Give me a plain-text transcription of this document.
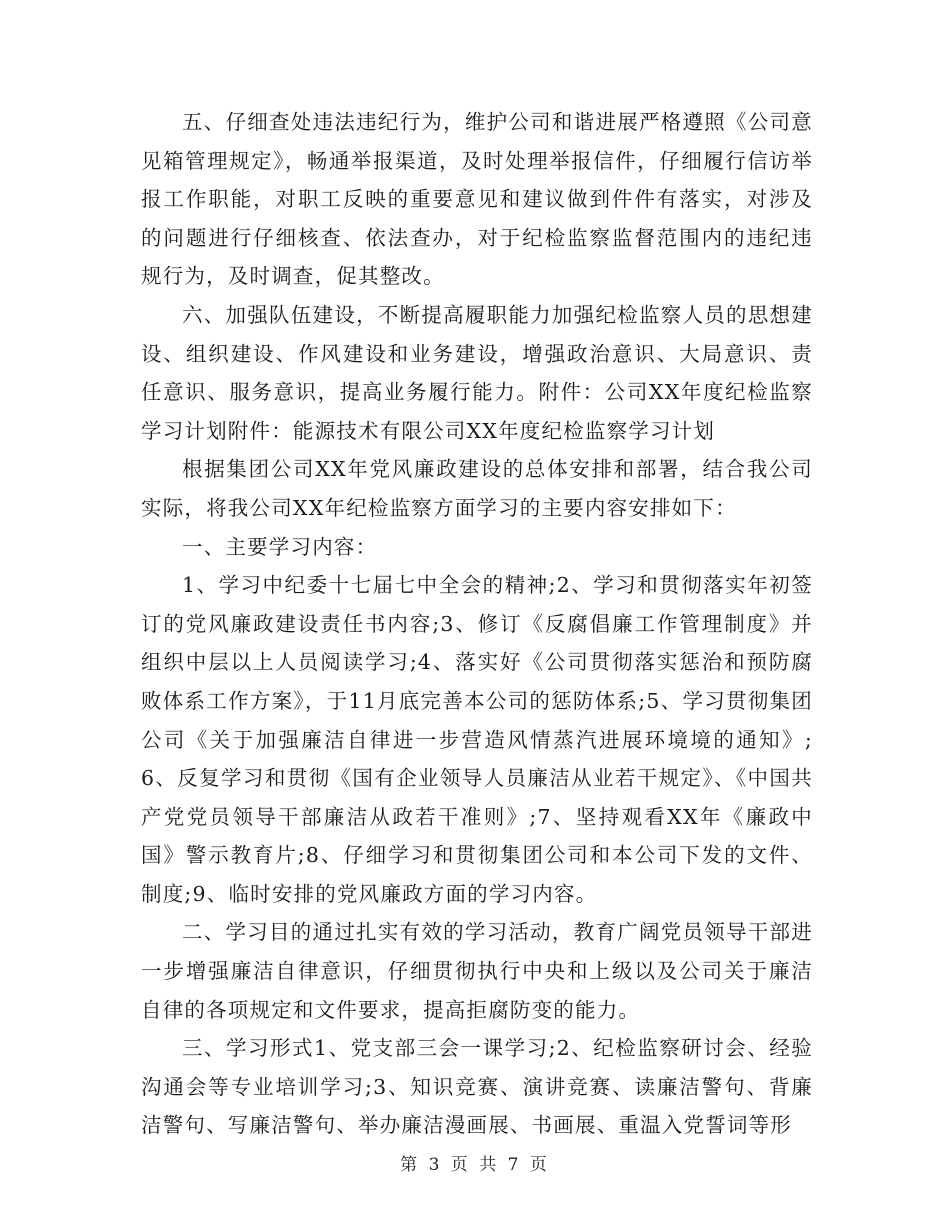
五、仔细查处违法违纪行为，维护公司和谐进展严格遵照《公司意见箱管理规定》，畅通举报渠道，及时处理举报信件，仔细履行信访举报工作职能，对职工反映的重要意见和建议做到件件有落实，对涉及的问题进行仔细核查、依法查办，对于纪检监察监督范围内的违纪违规行为，及时调查，促其整改。

六、加强队伍建设，不断提高履职能力加强纪检监察人员的思想建设、组织建设、作风建设和业务建设，增强政治意识、大局意识、责任意识、服务意识，提高业务履行能力。附件：公司XX年度纪检监察学习计划附件：能源技术有限公司XX年度纪检监察学习计划

根据集团公司XX年党风廉政建设的总体安排和部署，结合我公司实际，将我公司XX年纪检监察方面学习的主要内容安排如下：

一、主要学习内容：

1、学习中纪委十七届七中全会的精神;2、学习和贯彻落实年初签订的党风廉政建设责任书内容;3、修订《反腐倡廉工作管理制度》并组织中层以上人员阅读学习;4、落实好《公司贯彻落实惩治和预防腐败体系工作方案》，于11月底完善本公司的惩防体系;5、学习贯彻集团公司《关于加强廉洁自律进一步营造风情蒸汽进展环境境的通知》;6、反复学习和贯彻《国有企业领导人员廉洁从业若干规定》、《中国共产党党员领导干部廉洁从政若干准则》;7、坚持观看XX年《廉政中国》警示教育片;8、仔细学习和贯彻集团公司和本公司下发的文件、制度;9、临时安排的党风廉政方面的学习内容。

二、学习目的通过扎实有效的学习活动，教育广阔党员领导干部进一步增强廉洁自律意识，仔细贯彻执行中央和上级以及公司关于廉洁自律的各项规定和文件要求，提高拒腐防变的能力。

三、学习形式1、党支部三会一课学习;2、纪检监察研讨会、经验沟通会等专业培训学习;3、知识竞赛、演讲竞赛、读廉洁警句、背廉洁警句、写廉洁警句、举办廉洁漫画展、书画展、重温入党誓词等形

第 3 页 共 7 页
